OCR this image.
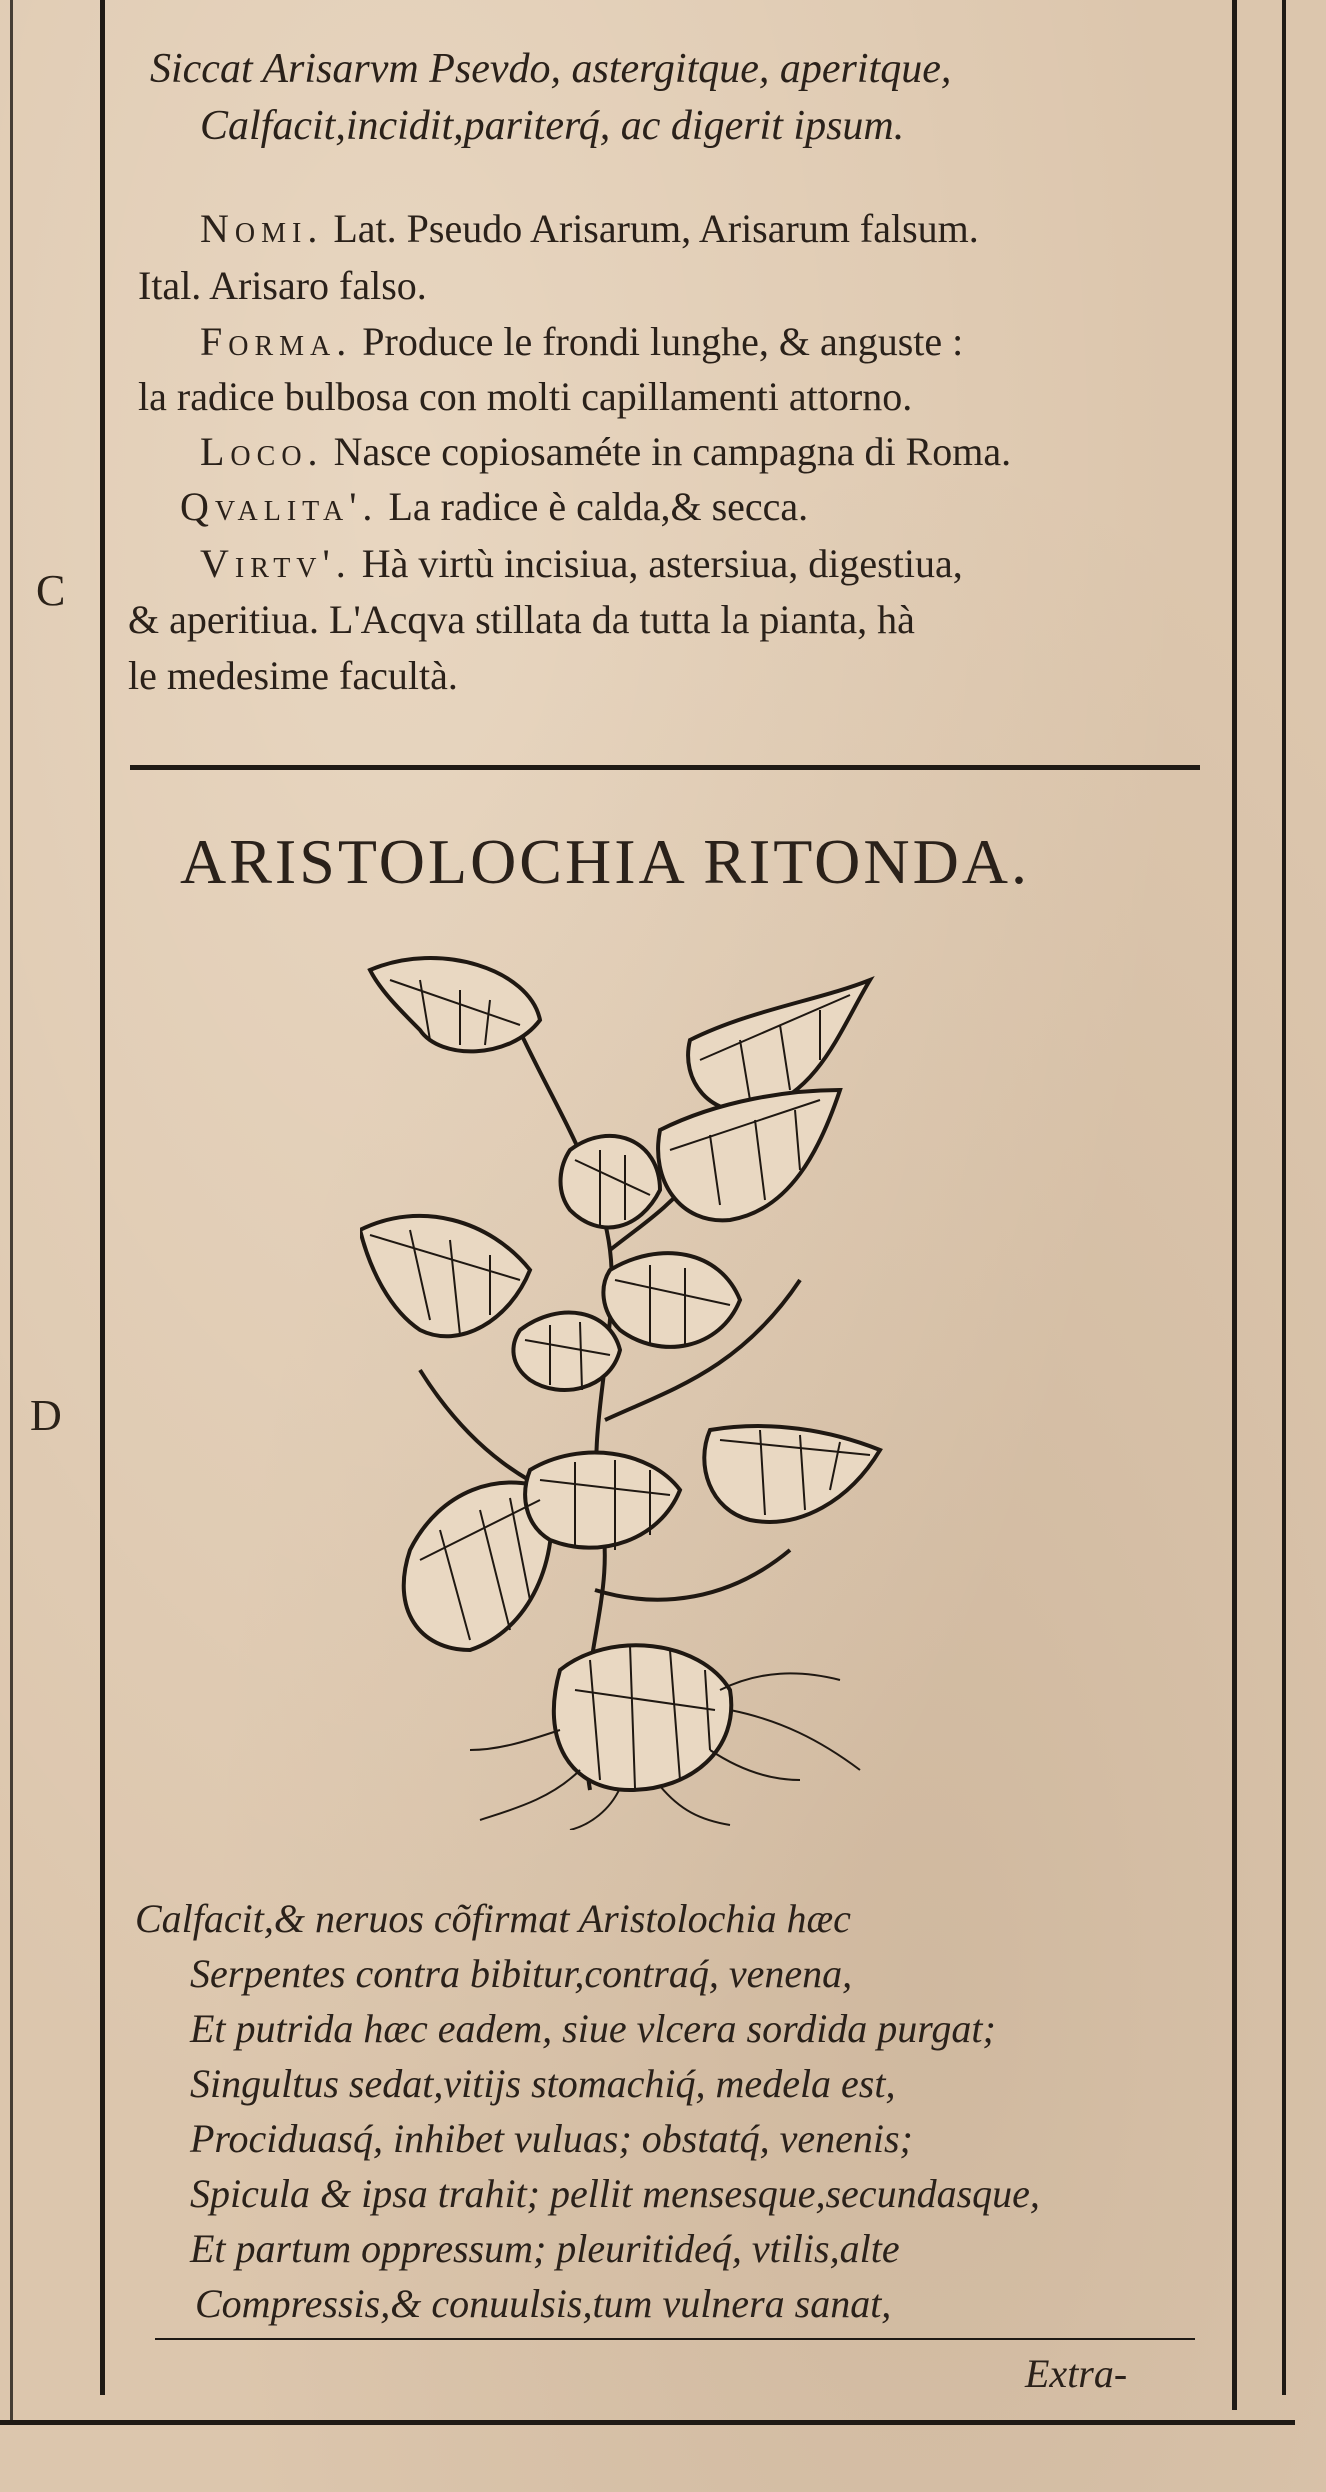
C
D
Siccat Arisarvm Psevdo, astergitque, aperitque,
Calfacit,incidit,pariterq́, ac digerit ipsum.
Nomi. Lat. Pseudo Arisarum, Arisarum falsum.
Ital. Arisaro falso.
Forma. Produce le frondi lunghe, & anguste :
la radice bulbosa con molti capillamenti attorno.
Loco. Nasce copiosaméte in campagna di Roma.
Qvalita'. La radice è calda,& secca.
Virtv'. Hà virtù incisiua, astersiua, digestiua,
& aperitiua. L'Acqva stillata da tutta la pianta, hà
le medesime facultà.
ARISTOLOCHIA RITONDA.
Calfacit,& neruos cõfirmat Aristolochia hæc
Serpentes contra bibitur,contraq́, venena,
Et putrida hæc eadem, siue vlcera sordida purgat;
Singultus sedat,vitijs stomachiq́, medela est,
Prociduasq́, inhibet vuluas; obstatq́, venenis;
Spicula & ipsa trahit; pellit mensesque,secundasque,
Et partum oppressum; pleuritideq́, vtilis,alte
Compressis,& conuulsis,tum vulnera sanat,
Extra-
